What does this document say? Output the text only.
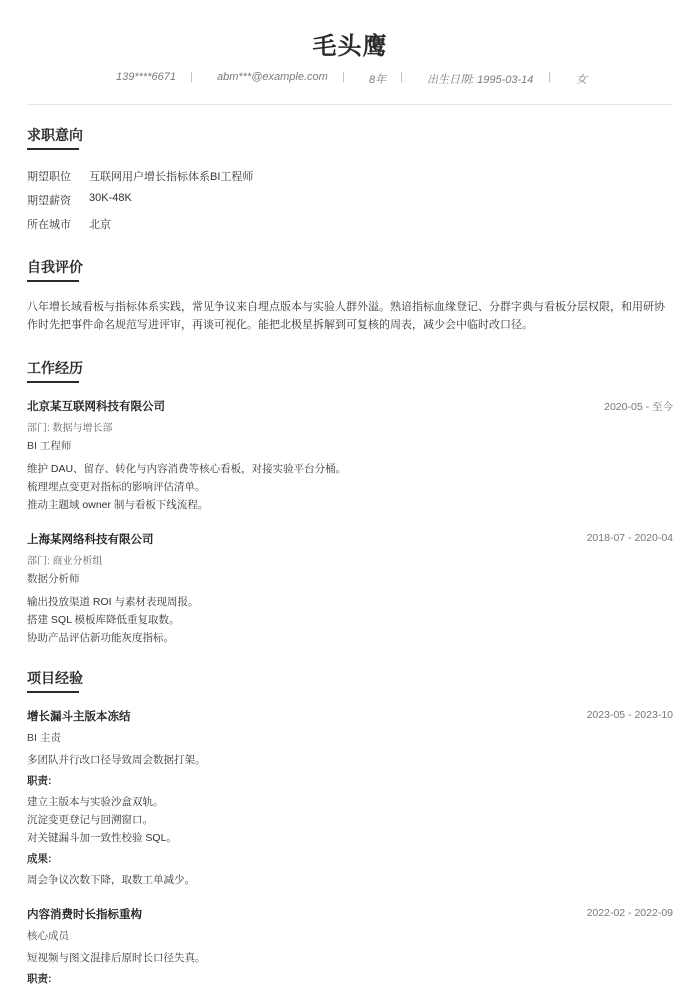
毛头鹰
139****6671 | abm***@example.com | 8年 | 出生日期: 1995-03-14 | 女
求职意向
期望职位 互联网用户增长指标体系BI工程师
期望薪资 30K-48K
所在城市 北京
自我评价
八年增长域看板与指标体系实践，常见争议来自埋点版本与实验人群外溢。熟谙指标血缘登记、分群字典与看板分层权限，和用研协作时先把事件命名规范写进评审，再谈可视化。能把北极星拆解到可复核的周表，减少会中临时改口径。
工作经历
北京某互联网科技有限公司	2020-05 - 至今
部门: 数据与增长部
BI 工程师
维护 DAU、留存、转化与内容消费等核心看板，对接实验平台分桶。
梳理埋点变更对指标的影响评估清单。
推动主题域 owner 制与看板下线流程。
上海某网络科技有限公司	2018-07 - 2020-04
部门: 商业分析组
数据分析师
输出投放渠道 ROI 与素材表现周报。
搭建 SQL 模板库降低重复取数。
协助产品评估新功能灰度指标。
项目经验
增长漏斗主版本冻结	2023-05 - 2023-10
BI 主责
多团队并行改口径导致周会数据打架。
职责:
建立主版本与实验沙盒双轨。
沉淀变更登记与回溯窗口。
对关键漏斗加一致性校验 SQL。
成果:
周会争议次数下降，取数工单减少。
内容消费时长指标重构	2022-02 - 2022-09
核心成员
短视频与图文混排后原时长口径失真。
职责:
